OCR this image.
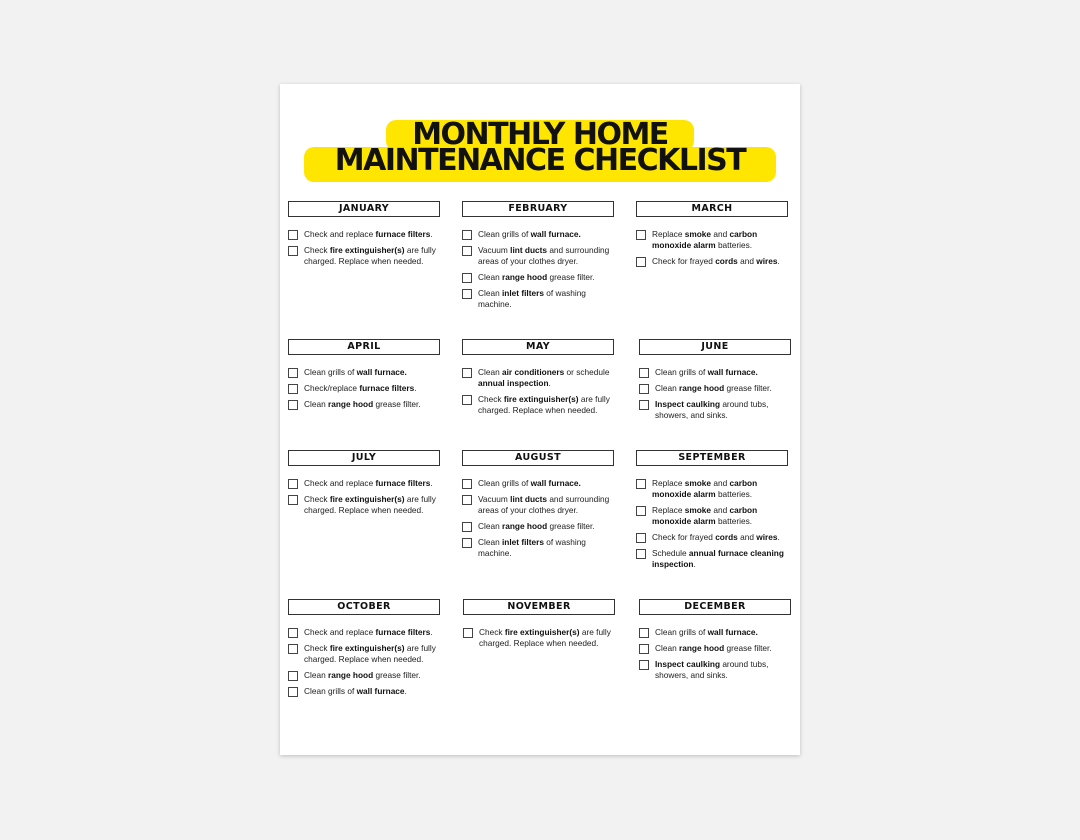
MONTHLY HOME
MAINTENANCE CHECKLIST
JANUARY
Check and replace furnace filters.
Check fire extinguisher(s) are fully charged. Replace when needed.
FEBRUARY
Clean grills of wall furnace.
Vacuum lint ducts and surrounding areas of your clothes dryer.
Clean range hood grease filter.
Clean inlet filters of washing machine.
MARCH
Replace smoke and carbon monoxide alarm batteries.
Check for frayed cords and wires.
APRIL
Clean grills of wall furnace.
Check/replace furnace filters.
Clean range hood grease filter.
MAY
Clean air conditioners or schedule annual inspection.
Check fire extinguisher(s) are fully charged. Replace when needed.
JUNE
Clean grills of wall furnace.
Clean range hood grease filter.
Inspect caulking around tubs, showers, and sinks.
JULY
Check and replace furnace filters.
Check fire extinguisher(s) are fully charged. Replace when needed.
AUGUST
Clean grills of wall furnace.
Vacuum lint ducts and surrounding areas of your clothes dryer.
Clean range hood grease filter.
Clean inlet filters of washing machine.
SEPTEMBER
Replace smoke and carbon monoxide alarm batteries.
Replace smoke and carbon monoxide alarm batteries.
Check for frayed cords and wires.
Schedule annual furnace cleaning inspection.
OCTOBER
Check and replace furnace filters.
Check fire extinguisher(s) are fully charged. Replace when needed.
Clean range hood grease filter.
Clean grills of wall furnace.
NOVEMBER
Check fire extinguisher(s) are fully charged. Replace when needed.
DECEMBER
Clean grills of wall furnace.
Clean range hood grease filter.
Inspect caulking around tubs, showers, and sinks.
